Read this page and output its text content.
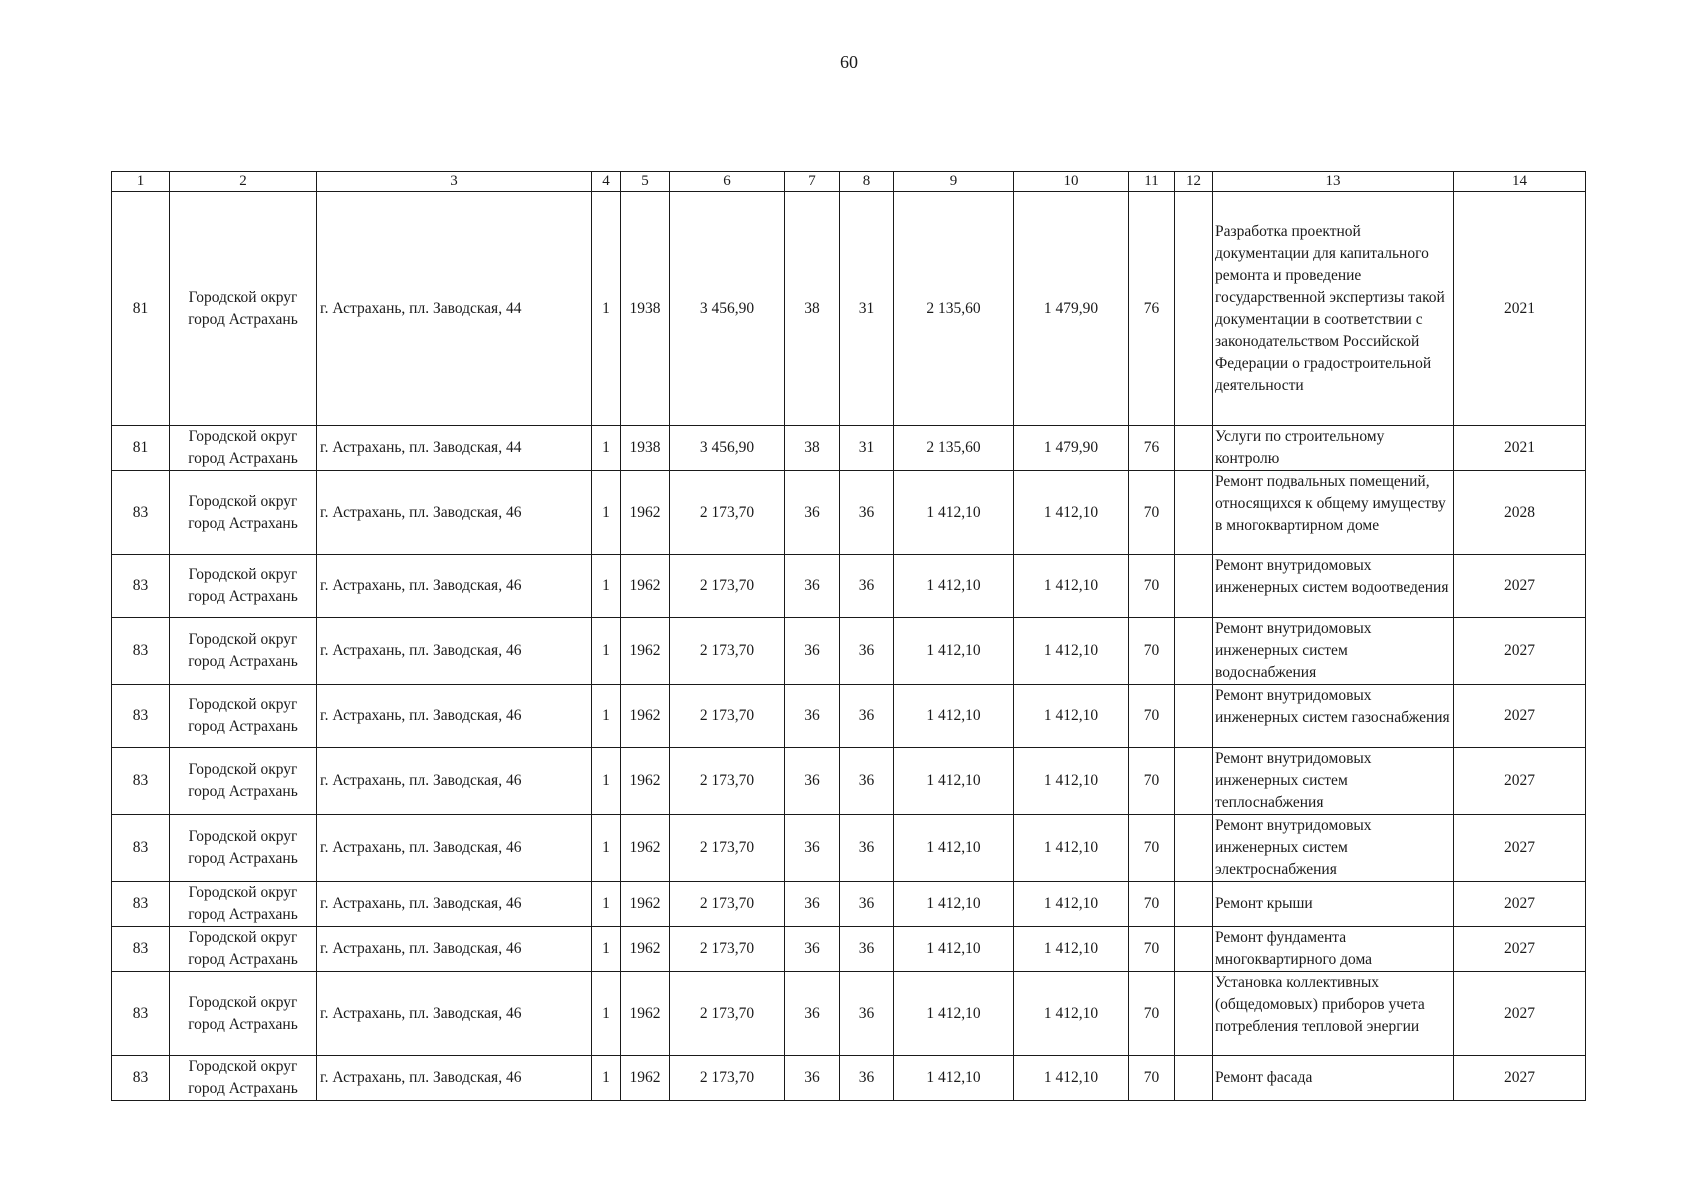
60
1	2	3	4	5	6	7	8	9	10	11	12	13	14
81	Городской округ город Астрахань	г. Астрахань, пл. Заводская, 44	1	1938	3 456,90	38	31	2 135,60	1 479,90	76		Разработка проектной документации для капитального ремонта и проведение государственной экспертизы такой документации в соответствии с законодательством Российской Федерации о градостроительной деятельности	2021
81	Городской округ город Астрахань	г. Астрахань, пл. Заводская, 44	1	1938	3 456,90	38	31	2 135,60	1 479,90	76		Услуги по строительному контролю	2021
83	Городской округ город Астрахань	г. Астрахань, пл. Заводская, 46	1	1962	2 173,70	36	36	1 412,10	1 412,10	70		Ремонт подвальных помещений, относящихся к общему имуществу в многоквартирном доме	2028
83	Городской округ город Астрахань	г. Астрахань, пл. Заводская, 46	1	1962	2 173,70	36	36	1 412,10	1 412,10	70		Ремонт внутридомовых инженерных систем водоотведения	2027
83	Городской округ город Астрахань	г. Астрахань, пл. Заводская, 46	1	1962	2 173,70	36	36	1 412,10	1 412,10	70		Ремонт внутридомовых инженерных систем водоснабжения	2027
83	Городской округ город Астрахань	г. Астрахань, пл. Заводская, 46	1	1962	2 173,70	36	36	1 412,10	1 412,10	70		Ремонт внутридомовых инженерных систем газоснабжения	2027
83	Городской округ город Астрахань	г. Астрахань, пл. Заводская, 46	1	1962	2 173,70	36	36	1 412,10	1 412,10	70		Ремонт внутридомовых инженерных систем теплоснабжения	2027
83	Городской округ город Астрахань	г. Астрахань, пл. Заводская, 46	1	1962	2 173,70	36	36	1 412,10	1 412,10	70		Ремонт внутридомовых инженерных систем электроснабжения	2027
83	Городской округ город Астрахань	г. Астрахань, пл. Заводская, 46	1	1962	2 173,70	36	36	1 412,10	1 412,10	70		Ремонт крыши	2027
83	Городской округ город Астрахань	г. Астрахань, пл. Заводская, 46	1	1962	2 173,70	36	36	1 412,10	1 412,10	70		Ремонт фундамента многоквартирного дома	2027
83	Городской округ город Астрахань	г. Астрахань, пл. Заводская, 46	1	1962	2 173,70	36	36	1 412,10	1 412,10	70		Установка коллективных (общедомовых) приборов учета потребления тепловой энергии	2027
83	Городской округ город Астрахань	г. Астрахань, пл. Заводская, 46	1	1962	2 173,70	36	36	1 412,10	1 412,10	70		Ремонт фасада	2027
